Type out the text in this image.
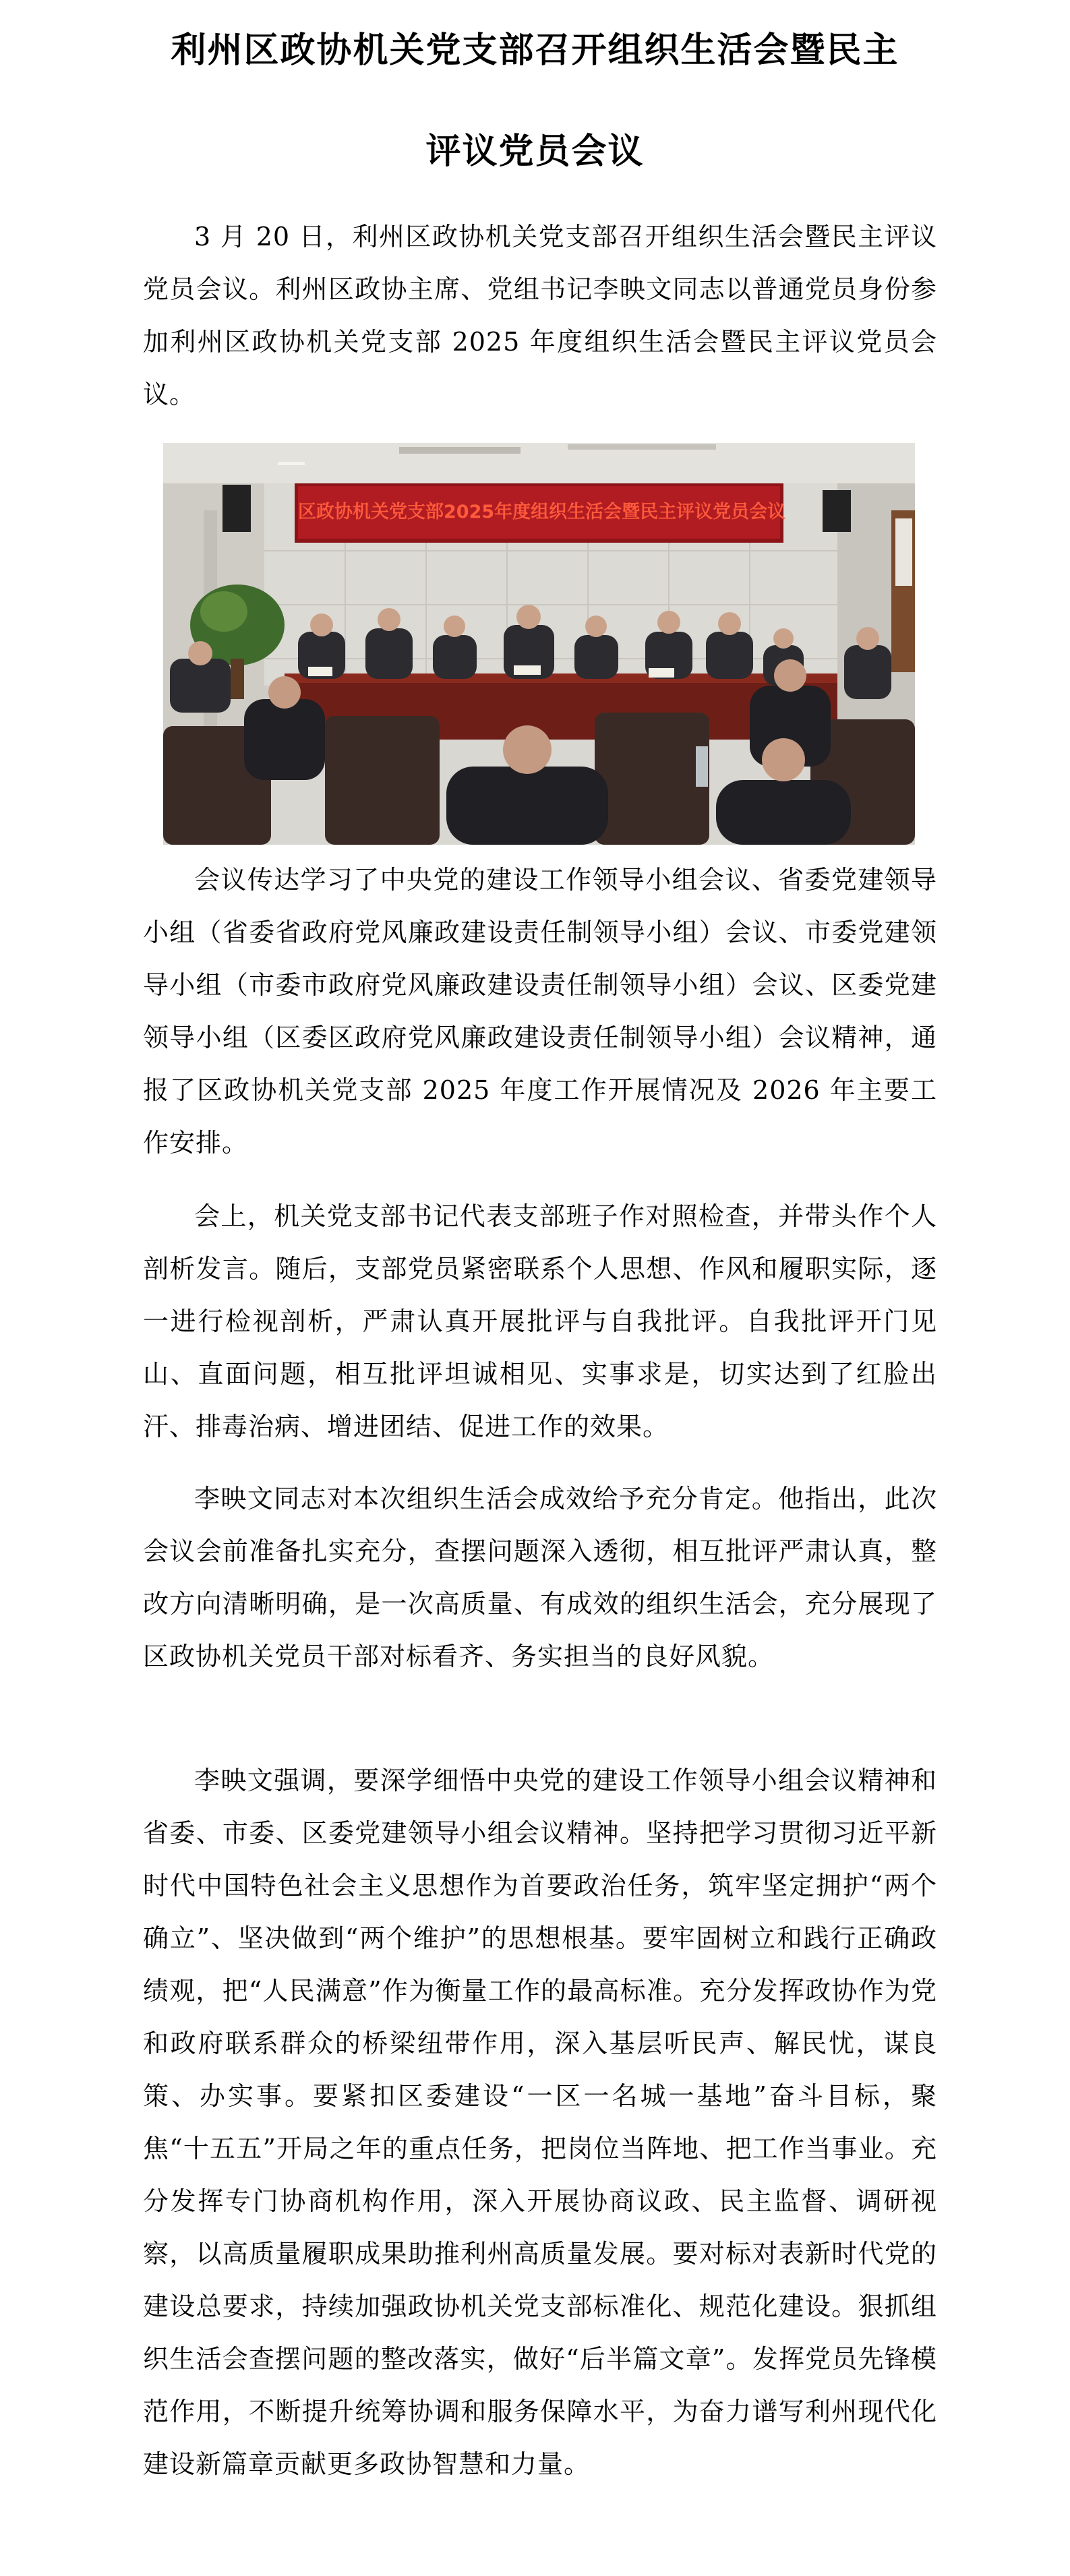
利州区政协机关党支部召开组织生活会暨民主
评议党员会议

3 月 20 日，利州区政协机关党支部召开组织生活会暨民主评议党员会议。利州区政协主席、党组书记李映文同志以普通党员身份参加利州区政协机关党支部 2025 年度组织生活会暨民主评议党员会议。

区政协机关党支部2025年度组织生活会暨民主评议党员会议

会议传达学习了中央党的建设工作领导小组会议、省委党建领导小组（省委省政府党风廉政建设责任制领导小组）会议、市委党建领导小组（市委市政府党风廉政建设责任制领导小组）会议、区委党建领导小组（区委区政府党风廉政建设责任制领导小组）会议精神，通报了区政协机关党支部 2025 年度工作开展情况及 2026 年主要工作安排。

会上，机关党支部书记代表支部班子作对照检查，并带头作个人剖析发言。随后，支部党员紧密联系个人思想、作风和履职实际，逐一进行检视剖析，严肃认真开展批评与自我批评。自我批评开门见山、直面问题，相互批评坦诚相见、实事求是，切实达到了红脸出汗、排毒治病、增进团结、促进工作的效果。

李映文同志对本次组织生活会成效给予充分肯定。他指出，此次会议会前准备扎实充分，查摆问题深入透彻，相互批评严肃认真，整改方向清晰明确，是一次高质量、有成效的组织生活会，充分展现了区政协机关党员干部对标看齐、务实担当的良好风貌。

李映文强调，要深学细悟中央党的建设工作领导小组会议精神和省委、市委、区委党建领导小组会议精神。坚持把学习贯彻习近平新时代中国特色社会主义思想作为首要政治任务，筑牢坚定拥护“两个确立”、坚决做到“两个维护”的思想根基。要牢固树立和践行正确政绩观，把“人民满意”作为衡量工作的最高标准。充分发挥政协作为党和政府联系群众的桥梁纽带作用，深入基层听民声、解民忧，谋良策、办实事。要紧扣区委建设“一区一名城一基地”奋斗目标，聚焦“十五五”开局之年的重点任务，把岗位当阵地、把工作当事业。充分发挥专门协商机构作用，深入开展协商议政、民主监督、调研视察，以高质量履职成果助推利州高质量发展。要对标对表新时代党的建设总要求，持续加强政协机关党支部标准化、规范化建设。狠抓组织生活会查摆问题的整改落实，做好“后半篇文章”。发挥党员先锋模范作用，不断提升统筹协调和服务保障水平，为奋力谱写利州现代化建设新篇章贡献更多政协智慧和力量。
